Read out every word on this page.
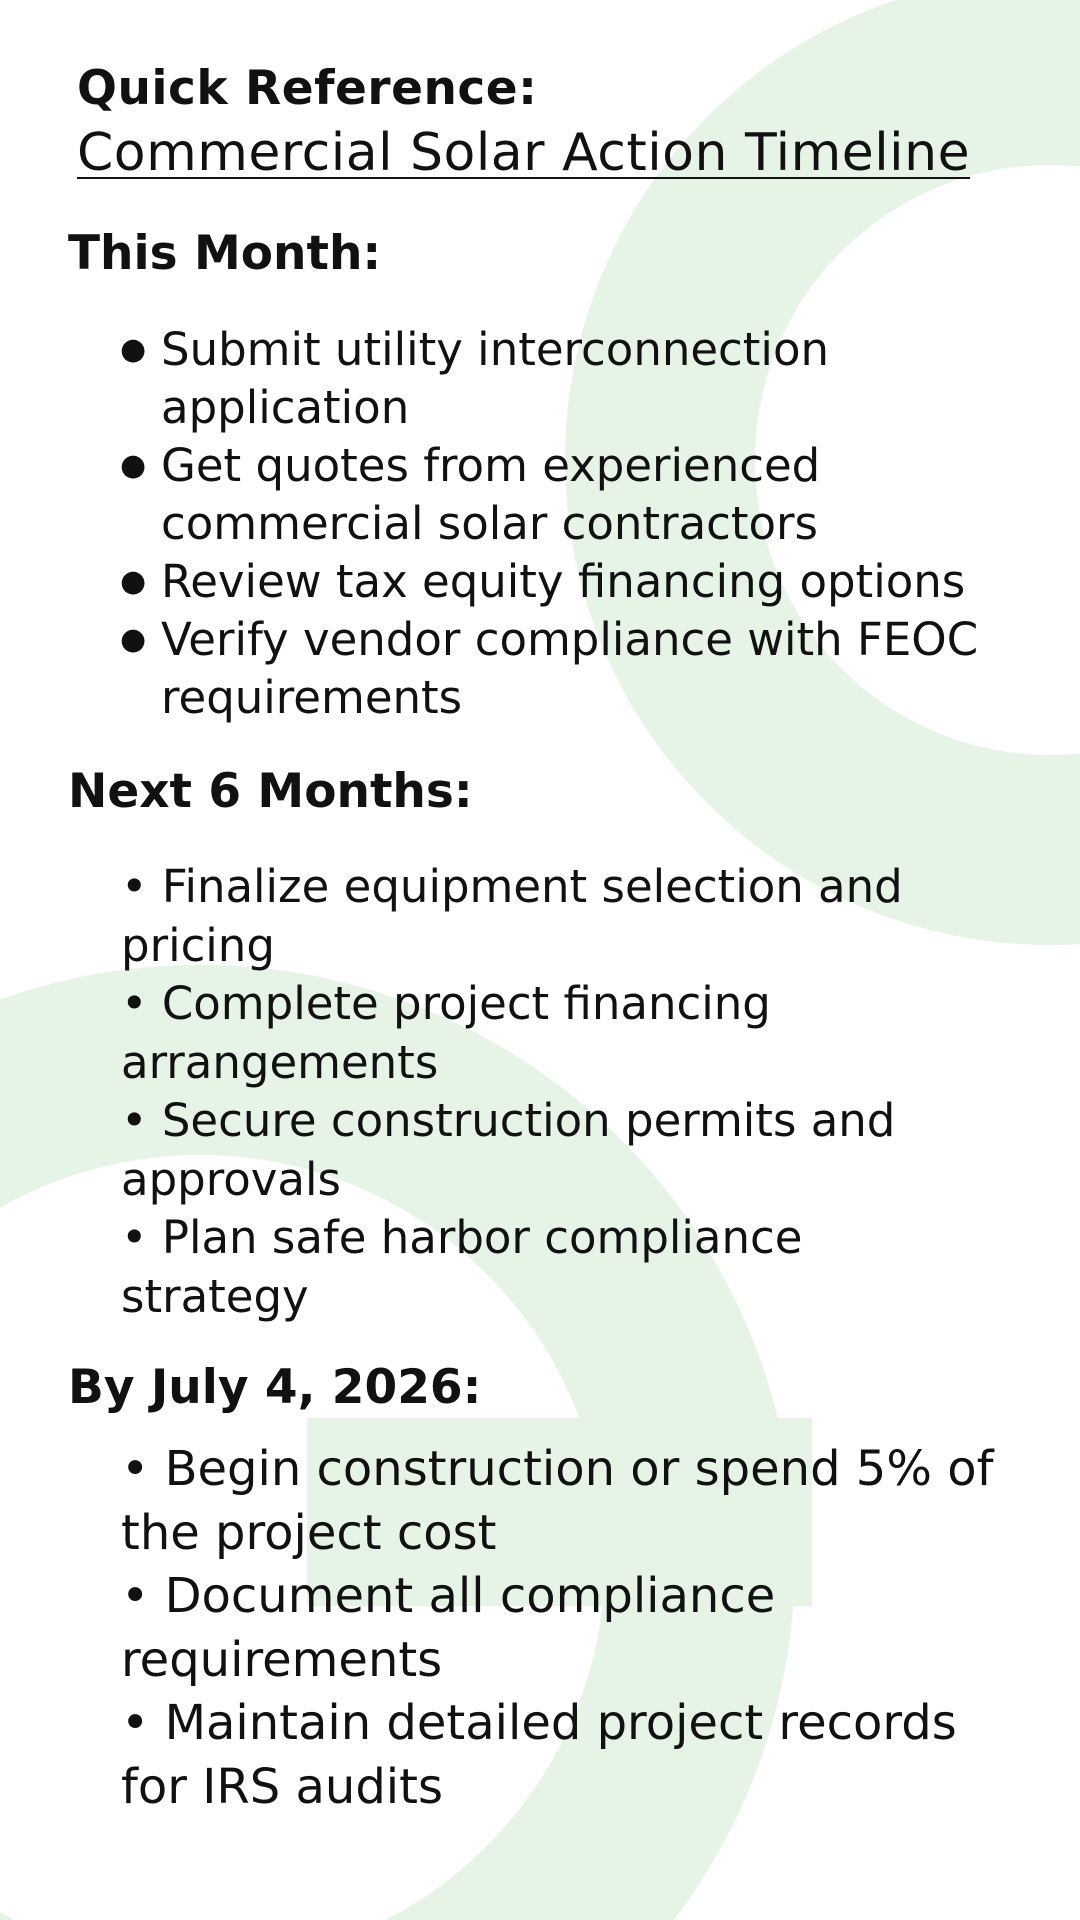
Quick Reference:
Commercial Solar Action Timeline
This Month:
● Submit utility interconnection application
● Get quotes from experienced commercial solar contractors
● Review tax equity financing options
● Verify vendor compliance with FEOC requirements
Next 6 Months:
• Finalize equipment selection and pricing
• Complete project financing arrangements
• Secure construction permits and approvals
• Plan safe harbor compliance strategy
By July 4, 2026:
• Begin construction or spend 5% of the project cost
• Document all compliance requirements
• Maintain detailed project records for IRS audits
